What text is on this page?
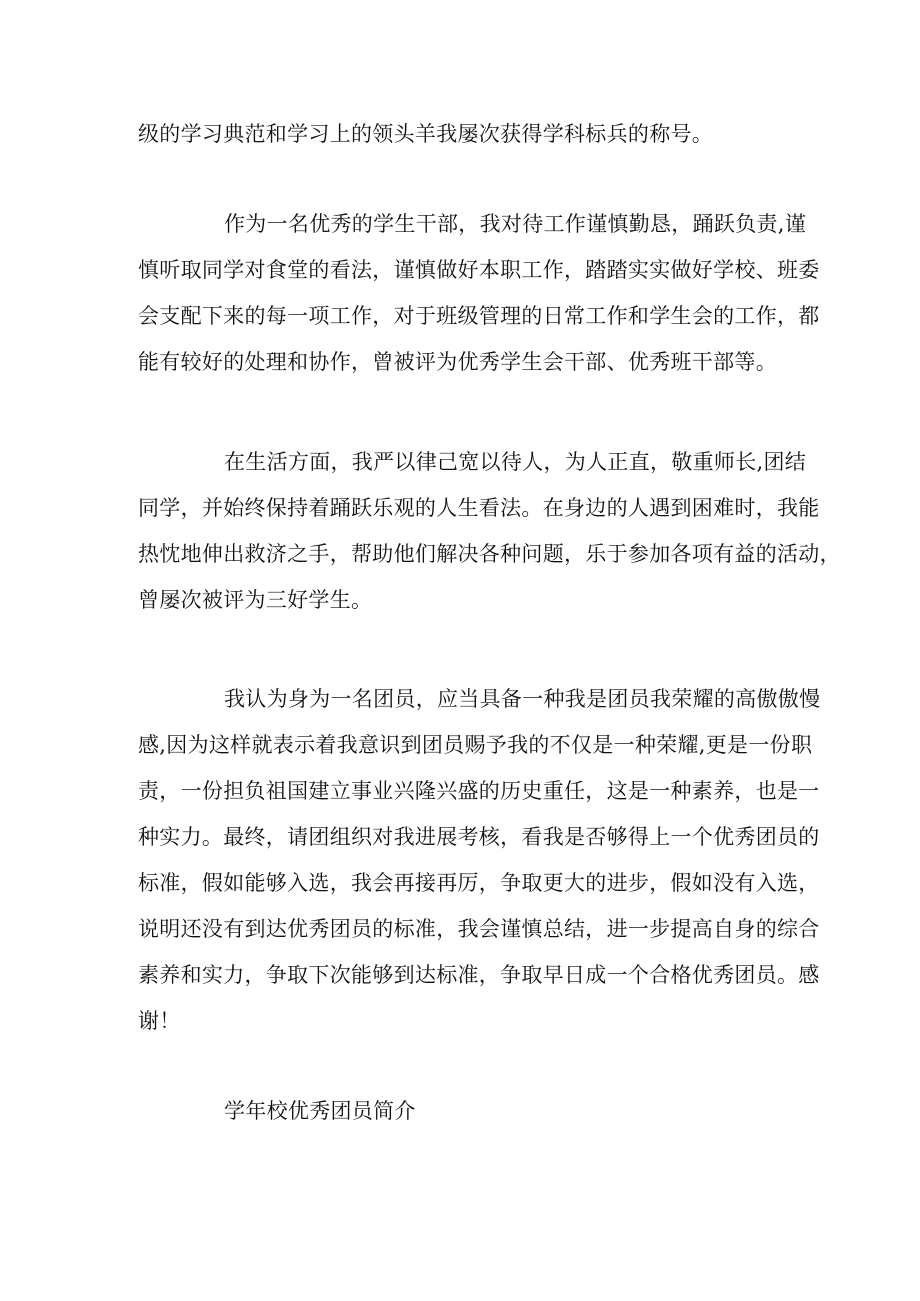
级的学习典范和学习上的领头羊我屡次获得学科标兵的称号。
作为一名优秀的学生干部，我对待工作谨慎勤恳，踊跃负责,谨
慎听取同学对食堂的看法，谨慎做好本职工作，踏踏实实做好学校、班委
会支配下来的每一项工作，对于班级管理的日常工作和学生会的工作，都
能有较好的处理和协作，曾被评为优秀学生会干部、优秀班干部等。
在生活方面，我严以律己宽以待人，为人正直，敬重师长,团结
同学，并始终保持着踊跃乐观的人生看法。在身边的人遇到困难时，我能
热忱地伸出救济之手，帮助他们解决各种问题，乐于参加各项有益的活动，
曾屡次被评为三好学生。
我认为身为一名团员，应当具备一种我是团员我荣耀的高傲傲慢
感,因为这样就表示着我意识到团员赐予我的不仅是一种荣耀,更是一份职
责，一份担负祖国建立事业兴隆兴盛的历史重任，这是一种素养，也是一
种实力。最终，请团组织对我进展考核，看我是否够得上一个优秀团员的
标准，假如能够入选，我会再接再厉，争取更大的进步，假如没有入选，
说明还没有到达优秀团员的标准，我会谨慎总结，进一步提高自身的综合
素养和实力，争取下次能够到达标准，争取早日成一个合格优秀团员。感
谢！
学年校优秀团员简介
